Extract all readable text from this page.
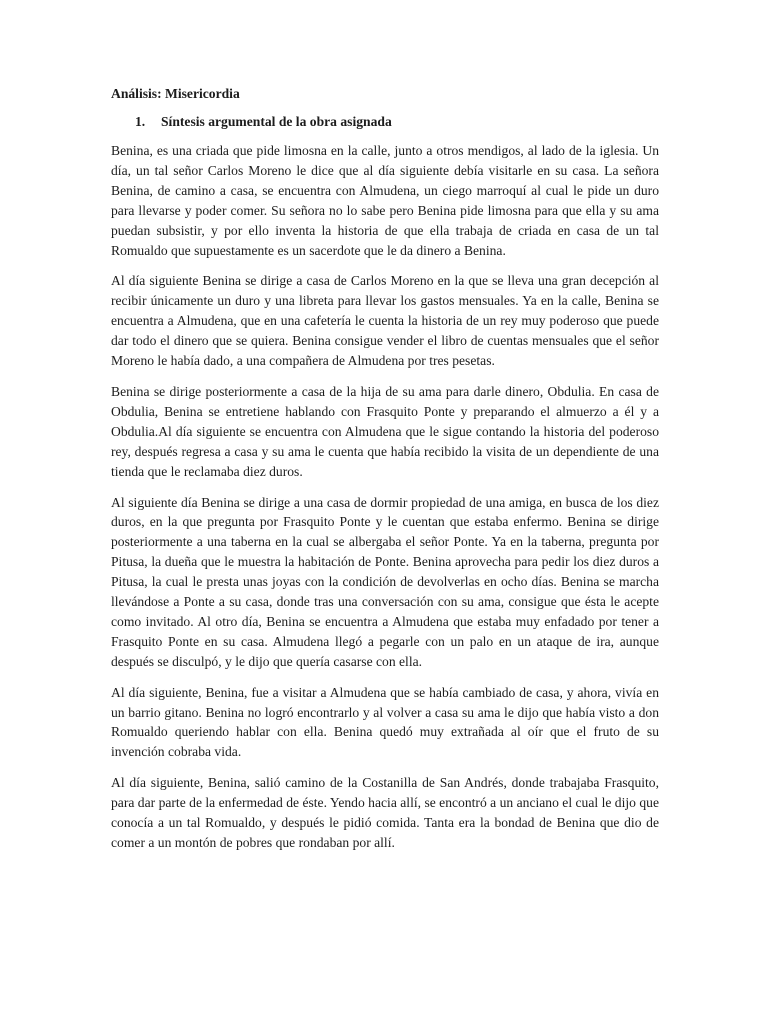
Análisis: Misericordia
1.	Síntesis argumental de la obra asignada

Benina, es una criada que pide limosna en la calle, junto a otros mendigos, al lado de la iglesia. Un día, un tal señor Carlos Moreno le dice que al día siguiente debía visitarle en su casa. La señora Benina, de camino a casa, se encuentra con Almudena, un ciego marroquí al cual le pide un duro para llevarse y poder comer. Su señora no lo sabe pero Benina pide limosna para que ella y su ama puedan subsistir, y por ello inventa la historia de que ella trabaja de criada en casa de un tal Romualdo que supuestamente es un sacerdote que le da dinero a Benina.

Al día siguiente Benina se dirige a casa de Carlos Moreno en la que se lleva una gran decepción al recibir únicamente un duro y una libreta para llevar los gastos mensuales. Ya en la calle, Benina se encuentra a Almudena, que en una cafetería le cuenta la historia de un rey muy poderoso que puede dar todo el dinero que se quiera. Benina consigue vender el libro de cuentas mensuales que el señor Moreno le había dado, a una compañera de Almudena por tres pesetas.

Benina se dirige posteriormente a casa de la hija de su ama para darle dinero, Obdulia. En casa de Obdulia, Benina se entretiene hablando con Frasquito Ponte y preparando el almuerzo a él y a Obdulia.Al día siguiente se encuentra con Almudena que le sigue contando la historia del poderoso rey, después regresa a casa y su ama le cuenta que había recibido la visita de un dependiente de una tienda que le reclamaba diez duros.

Al siguiente día Benina se dirige a una casa de dormir propiedad de una amiga, en busca de los diez duros, en la que pregunta por Frasquito Ponte y le cuentan que estaba enfermo. Benina se dirige posteriormente a una taberna en la cual se albergaba el señor Ponte. Ya en la taberna, pregunta por Pitusa, la dueña que le muestra la habitación de Ponte. Benina aprovecha para pedir los diez duros a Pitusa, la cual le presta unas joyas con la condición de devolverlas en ocho días. Benina se marcha llevándose a Ponte a su casa, donde tras una conversación con su ama, consigue que ésta le acepte como invitado. Al otro día, Benina se encuentra a Almudena que estaba muy enfadado por tener a Frasquito Ponte en su casa. Almudena llegó a pegarle con un palo en un ataque de ira, aunque después se disculpó, y le dijo que quería casarse con ella.

Al día siguiente, Benina, fue a visitar a Almudena que se había cambiado de casa, y ahora, vivía en un barrio gitano. Benina no logró encontrarlo y al volver a casa su ama le dijo que había visto a don Romualdo queriendo hablar con ella. Benina quedó muy extrañada al oír que el fruto de su invención cobraba vida.

Al día siguiente, Benina, salió camino de la Costanilla de San Andrés, donde trabajaba Frasquito, para dar parte de la enfermedad de éste. Yendo hacia allí, se encontró a un anciano el cual le dijo que conocía a un tal Romualdo, y después le pidió comida. Tanta era la bondad de Benina que dio de comer a un montón de pobres que rondaban por allí.
